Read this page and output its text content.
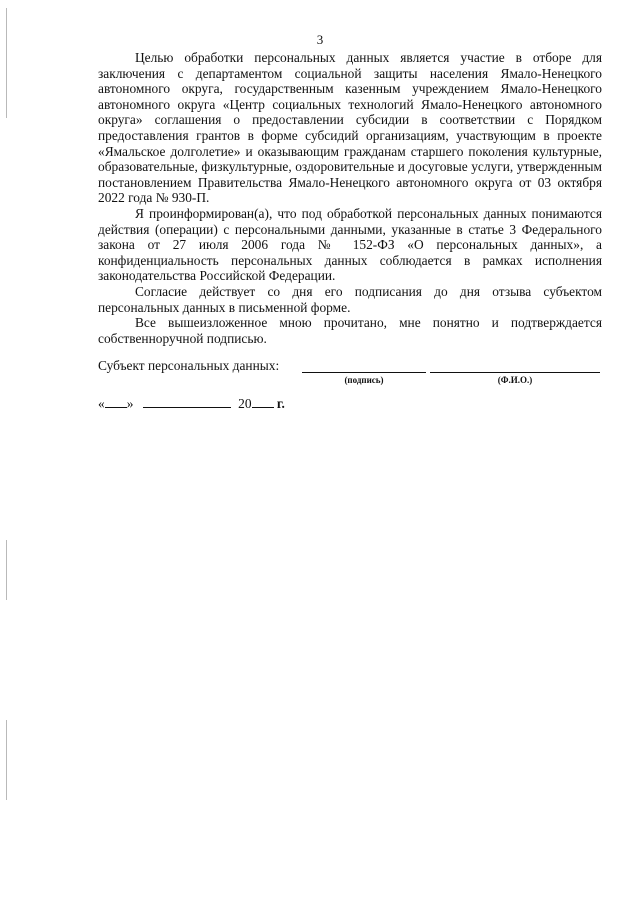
3

Целью обработки персональных данных является участие в отборе для заключения с департаментом социальной защиты населения Ямало-Ненецкого автономного округа, государственным казенным учреждением Ямало-Ненецкого автономного округа «Центр социальных технологий Ямало-Ненецкого автономного округа» соглашения о предоставлении субсидии в соответствии с Порядком предоставления грантов в форме субсидий организациям, участвующим в проекте «Ямальское долголетие» и оказывающим гражданам старшего поколения культурные, образовательные, физкультурные, оздоровительные и досуговые услуги, утвержденным постановлением Правительства Ямало-Ненецкого автономного округа от 03 октября 2022 года № 930-П.

Я проинформирован(а), что под обработкой персональных данных понимаются действия (операции) с персональными данными, указанные в статье 3 Федерального закона от 27 июля 2006 года № 152-ФЗ «О персональных данных», а конфиденциальность персональных данных соблюдается в рамках исполнения законодательства Российской Федерации.

Согласие действует со дня его подписания до дня отзыва субъектом персональных данных в письменной форме.

Все вышеизложенное мною прочитано, мне понятно и подтверждается собственноручной подписью.

Субъект персональных данных:
(подпись)	(Ф.И.О.)
« »	20 г.
